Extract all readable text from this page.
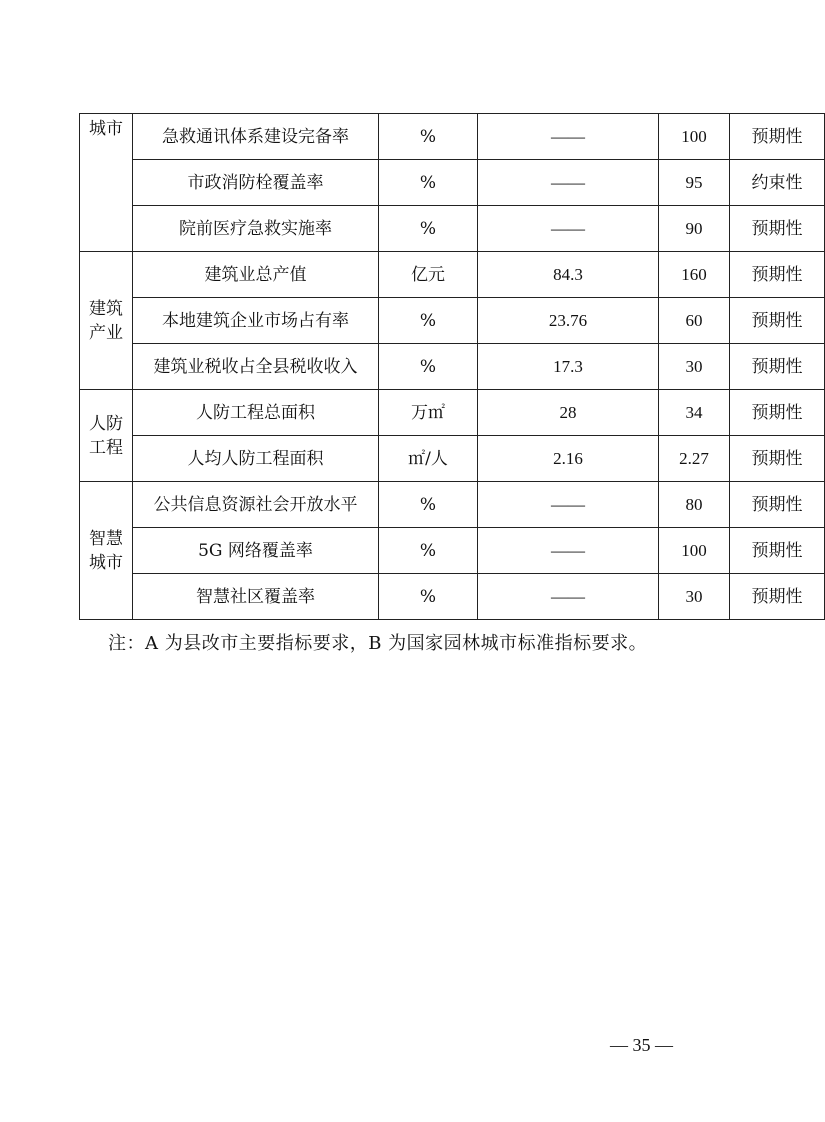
城市	急救通讯体系建设完备率	%	——	100	预期性
	市政消防栓覆盖率	%	——	95	约束性
	院前医疗急救实施率	%	——	90	预期性
建筑产业	建筑业总产值	亿元	84.3	160	预期性
	本地建筑企业市场占有率	%	23.76	60	预期性
	建筑业税收占全县税收收入	%	17.3	30	预期性
人防工程	人防工程总面积	万㎡	28	34	预期性
	人均人防工程面积	㎡/人	2.16	2.27	预期性
智慧城市	公共信息资源社会开放水平	%	——	80	预期性
	5G 网络覆盖率	%	——	100	预期性
	智慧社区覆盖率	%	——	30	预期性
注：A 为县改市主要指标要求，B 为国家园林城市标准指标要求。
— 35 —
